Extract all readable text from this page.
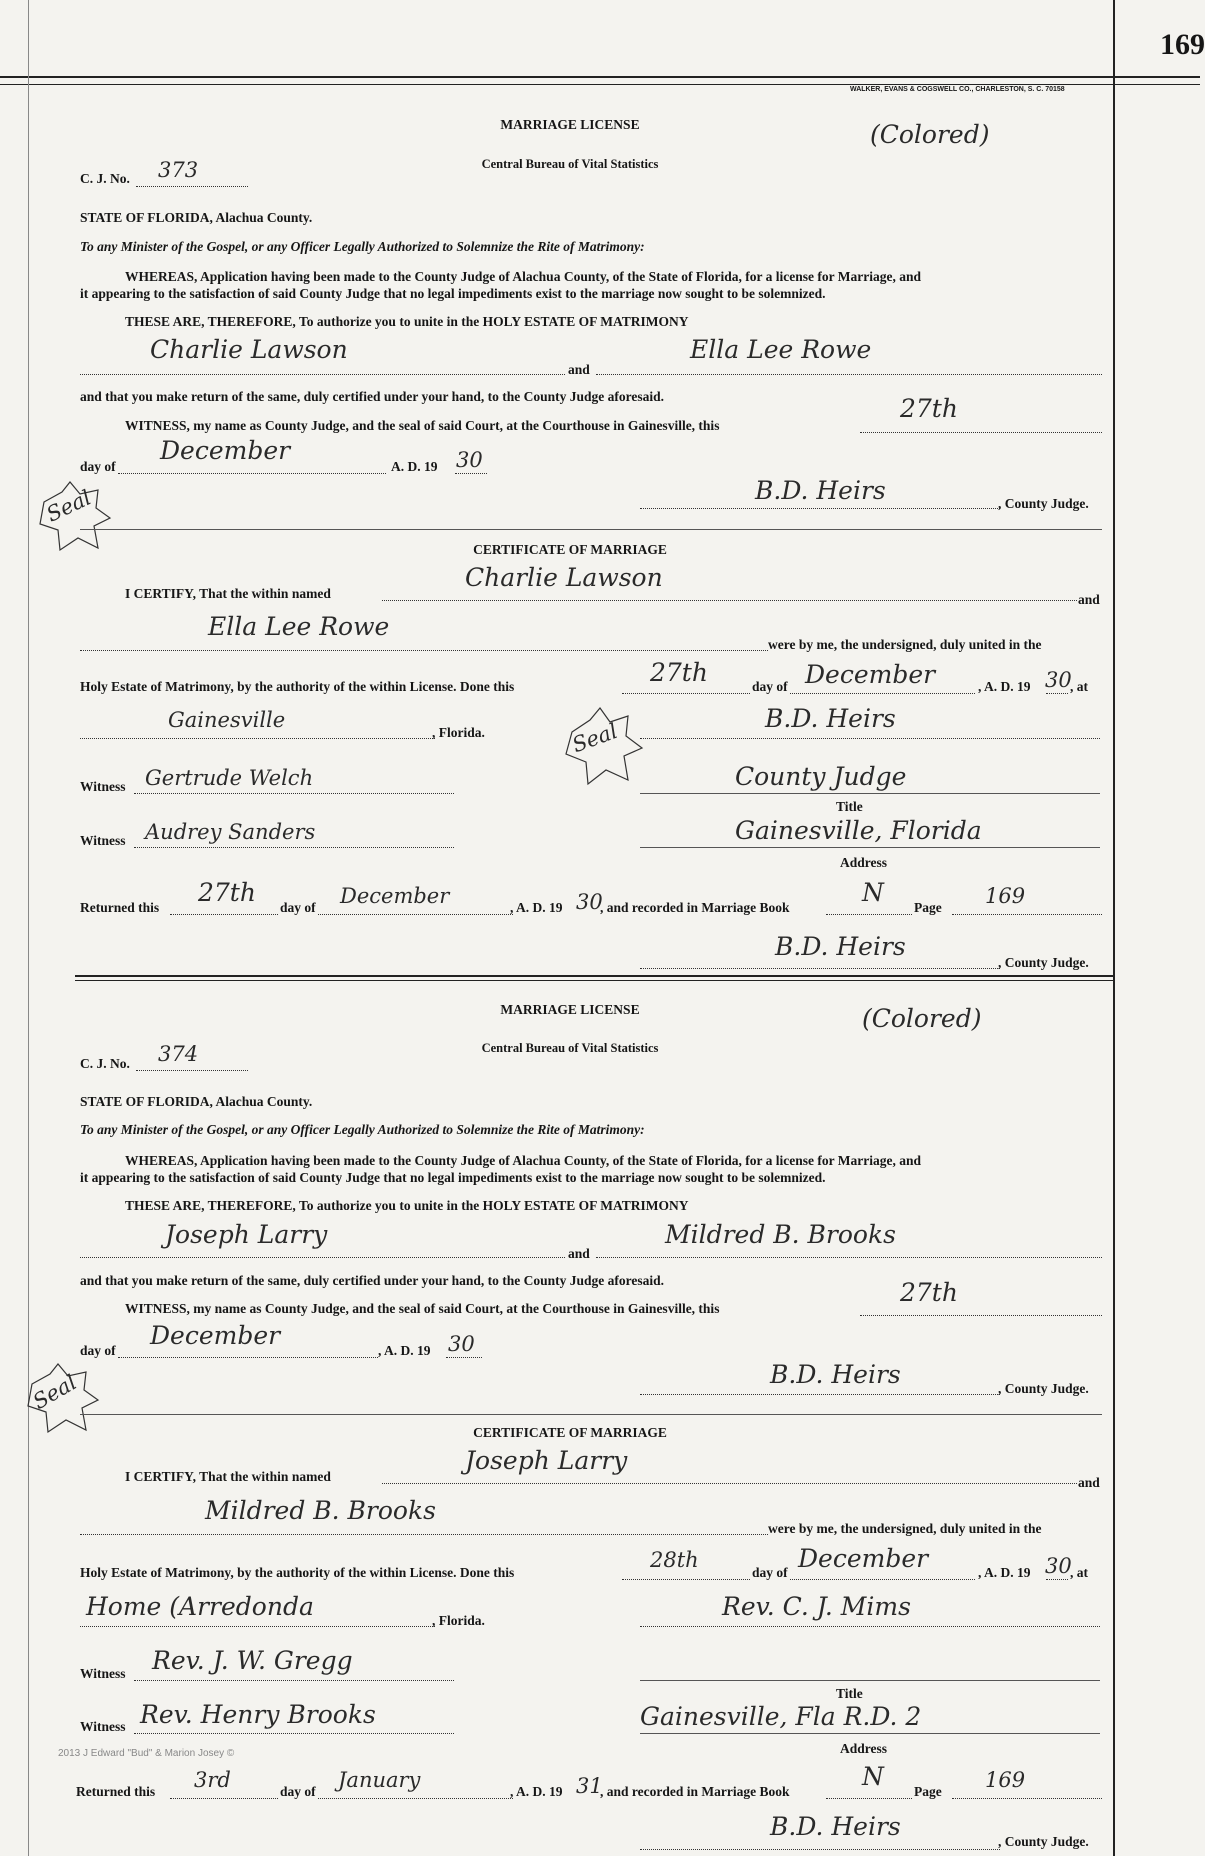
169
WALKER, EVANS & COGSWELL CO., CHARLESTON, S. C. 70158
MARRIAGE LICENSE	(Colored)
Central Bureau of Vital Statistics
C. J. No. 373
STATE OF FLORIDA, Alachua County.
To any Minister of the Gospel, or any Officer Legally Authorized to Solemnize the Rite of Matrimony:
WHEREAS, Application having been made to the County Judge of Alachua County, of the State of Florida, for a license for Marriage, and
it appearing to the satisfaction of said County Judge that no legal impediments exist to the marriage now sought to be solemnized.
THESE ARE, THEREFORE, To authorize you to unite in the HOLY ESTATE OF MATRIMONY
Charlie Lawson
and
Ella Lee Rowe
and that you make return of the same, duly certified under your hand, to the County Judge aforesaid.
WITNESS, my name as County Judge, and the seal of said Court, at the Courthouse in Gainesville, this
27th
day of
December
A. D. 19 30
Seal	B.D. Heirs	, County Judge.
CERTIFICATE OF MARRIAGE
I CERTIFY, That the within named
Charlie Lawson
and
Ella Lee Rowe
were by me, the undersigned, duly united in the
Holy Estate of Matrimony, by the authority of the within License. Done this	27th	day of December	, A. D. 19 30
, at
Gainesville
, Florida.	Seal
B.D. Heirs
Witness Gertrude Welch	County Judge
Title
Witness Audrey Sanders	Gainesville, Florida
Address
Returned this
27th
day of December	, A. D. 19 30
, and recorded in Marriage Book
N
Page 169
B.D. Heirs
, County Judge.
MARRIAGE LICENSE	(Colored)
Central Bureau of Vital Statistics
C. J. No. 374
STATE OF FLORIDA, Alachua County.
To any Minister of the Gospel, or any Officer Legally Authorized to Solemnize the Rite of Matrimony:
WHEREAS, Application having been made to the County Judge of Alachua County, of the State of Florida, for a license for Marriage, and
it appearing to the satisfaction of said County Judge that no legal impediments exist to the marriage now sought to be solemnized.
THESE ARE, THEREFORE, To authorize you to unite in the HOLY ESTATE OF MATRIMONY
Joseph Larry
and
Mildred B. Brooks
and that you make return of the same, duly certified under your hand, to the County Judge aforesaid.
WITNESS, my name as County Judge, and the seal of said Court, at the Courthouse in Gainesville, this
27th
day of
December
, A. D. 19 30
Seal	B.D. Heirs	, County Judge.
CERTIFICATE OF MARRIAGE
I CERTIFY, That the within named
Joseph Larry
and
Mildred B. Brooks
were by me, the undersigned, duly united in the
Holy Estate of Matrimony, by the authority of the within License. Done this
28th
day of December	, A. D. 19 30
, at
Home (Arredonda	, Florida.	Rev. C. J. Mims
Witness Rev. J. W. Gregg
Title
Witness Rev. Henry Brooks	Gainesville, Fla R.D. 2
Address
2013 J Edward "Bud" & Marion Josey ©
Returned this 3rd	day of January	, A. D. 19 31
, and recorded in Marriage Book
N
Page 169
B.D. Heirs
, County Judge.
